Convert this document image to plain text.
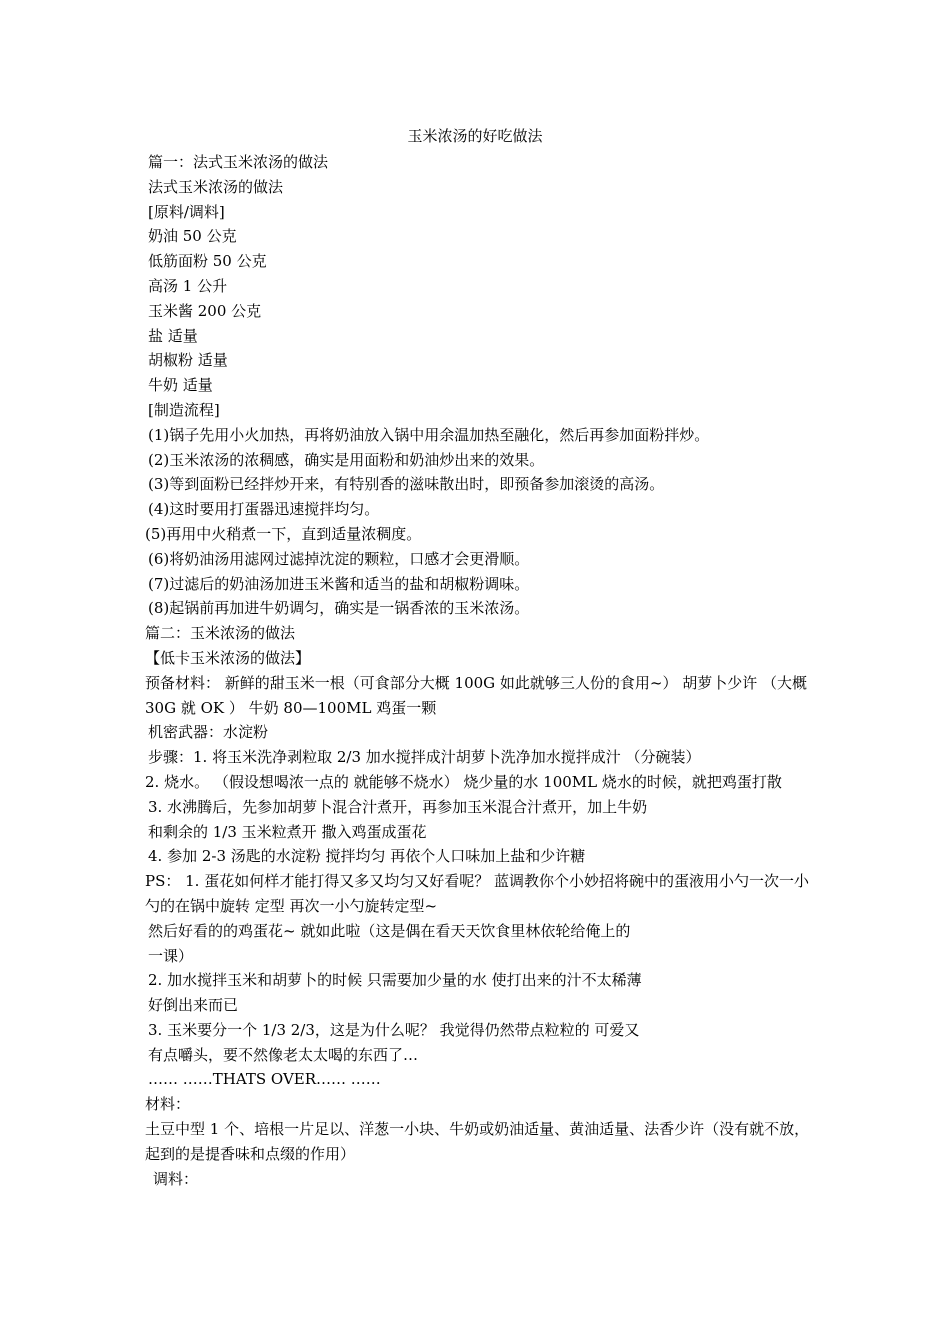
玉米浓汤的好吃做法
篇一：法式玉米浓汤的做法
法式玉米浓汤的做法
[原料/调料]
奶油 50 公克
低筋面粉 50 公克
高汤 1 公升
玉米酱 200 公克
盐 适量
胡椒粉 适量
牛奶 适量
[制造流程]
(1)锅子先用小火加热，再将奶油放入锅中用余温加热至融化，然后再参加面粉拌炒。
(2)玉米浓汤的浓稠感，确实是用面粉和奶油炒出来的效果。
(3)等到面粉已经拌炒开来，有特别香的滋味散出时，即预备参加滚烫的高汤。
(4)这时要用打蛋器迅速搅拌均匀。
(5)再用中火稍煮一下，直到适量浓稠度。
(6)将奶油汤用滤网过滤掉沈淀的颗粒，口感才会更滑顺。
(7)过滤后的奶油汤加进玉米酱和适当的盐和胡椒粉调味。
(8)起锅前再加进牛奶调匀，确实是一锅香浓的玉米浓汤。
篇二：玉米浓汤的做法
【低卡玉米浓汤的做法】
预备材料： 新鲜的甜玉米一根（可食部分大概 100G 如此就够三人份的食用~） 胡萝卜少许 （大概 30G 就 OK ） 牛奶 80—100ML 鸡蛋一颗
机密武器：水淀粉
步骤：1. 将玉米洗净剥粒取 2/3 加水搅拌成汁胡萝卜洗净加水搅拌成汁 （分碗装）
2. 烧水。 （假设想喝浓一点的 就能够不烧水） 烧少量的水 100ML 烧水的时候，就把鸡蛋打散
3. 水沸腾后，先参加胡萝卜混合汁煮开，再参加玉米混合汁煮开，加上牛奶
和剩余的 1/3 玉米粒煮开 撒入鸡蛋成蛋花
4. 参加 2-3 汤匙的水淀粉 搅拌均匀 再依个人口味加上盐和少许糖
PS： 1. 蛋花如何样才能打得又多又均匀又好看呢？ 蓝调教你个小妙招将碗中的蛋液用小勺一次一小勺的在锅中旋转 定型 再次一小勺旋转定型~
然后好看的的鸡蛋花~ 就如此啦（这是偶在看天天饮食里林依轮给俺上的
一课）
2. 加水搅拌玉米和胡萝卜的时候 只需要加少量的水 使打出来的汁不太稀薄
好倒出来而已
3. 玉米要分一个 1/3 2/3，这是为什么呢？ 我觉得仍然带点粒粒的 可爱又
有点嚼头，要不然像老太太喝的东西了…
…… ……THATS OVER…… ……
材料：
土豆中型 1 个、培根一片足以、洋葱一小块、牛奶或奶油适量、黄油适量、法香少许（没有就不放，起到的是提香味和点缀的作用）
调料：
